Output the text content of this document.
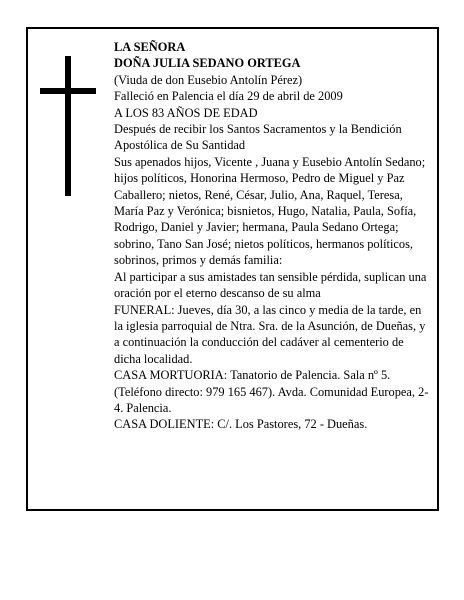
LA SEÑORA

DOÑA JULIA SEDANO ORTEGA

(Viuda de don Eusebio Antolín Pérez)

Falleció en Palencia el día 29 de abril de 2009

A LOS 83 AÑOS DE EDAD

Después de recibir los Santos Sacramentos y la Bendición Apostólica de Su Santidad

Sus apenados hijos, Vicente , Juana y Eusebio Antolín Sedano; hijos políticos, Honorina Hermoso, Pedro de Miguel y Paz Caballero; nietos, René, César, Julio, Ana, Raquel, Teresa, María Paz y Verónica; bisnietos, Hugo, Natalia, Paula, Sofía, Rodrigo, Daniel y Javier; hermana, Paula Sedano Ortega; sobrino, Tano San José; nietos políticos, hermanos políticos, sobrinos, primos y demás familia:

Al participar a sus amistades tan sensible pérdida, suplican una oración por el eterno descanso de su alma

FUNERAL: Jueves, día 30, a las cinco y media de la tarde, en la iglesia parroquial de Ntra. Sra. de la Asunción, de Dueñas, y a continuación la conducción del cadáver al cementerio de dicha localidad.

CASA MORTUORIA: Tanatorio de Palencia. Sala nº 5. (Teléfono directo: 979 165 467). Avda. Comunidad Europea, 2-4. Palencia.

CASA DOLIENTE: C/. Los Pastores, 72 - Dueñas.
